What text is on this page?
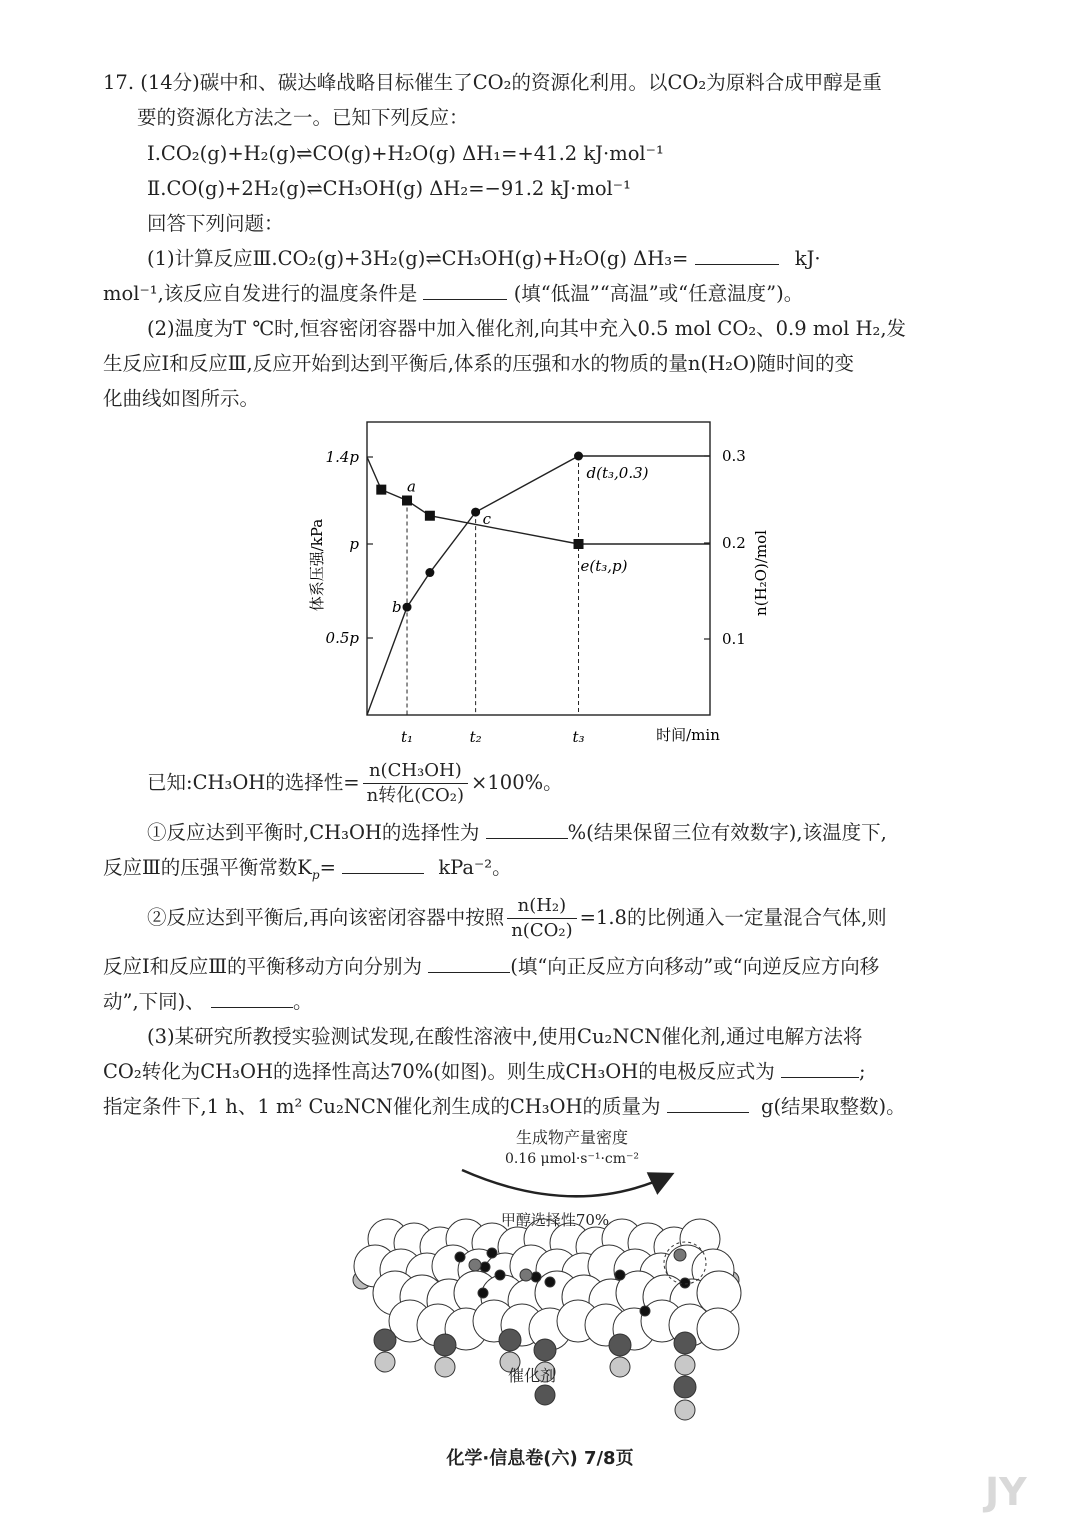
17. (14分)碳中和、碳达峰战略目标催生了CO₂的资源化利用。以CO₂为原料合成甲醇是重
要的资源化方法之一。已知下列反应：
Ⅰ.CO₂(g)+H₂(g)⇌CO(g)+H₂O(g) ΔH₁=+41.2 kJ·mol⁻¹
Ⅱ.CO(g)+2H₂(g)⇌CH₃OH(g) ΔH₂=−91.2 kJ·mol⁻¹
回答下列问题：
(1)计算反应Ⅲ.CO₂(g)+3H₂(g)⇌CH₃OH(g)+H₂O(g) ΔH₃=	kJ·
mol⁻¹,该反应自发进行的温度条件是	(填“低温”“高温”或“任意温度”)。
(2)温度为T ℃时,恒容密闭容器中加入催化剂,向其中充入0.5 mol CO₂、0.9 mol H₂,发
生反应Ⅰ和反应Ⅲ,反应开始到达到平衡后,体系的压强和水的物质的量n(H₂O)随时间的变
化曲线如图所示。
1.4p
p
0.5p
0.3
0.2
0.1
体系压强/kPa	n(H₂O)/mol
时间/min
t₁	t₂	t₃
a
b
c
d(t₃,0.3)
e(t₃,p)
已知:CH₃OH的选择性= $\frac{\text{n(CH₃OH)}}{\text{n转化(CO₂)}} \times 100\%$。
①反应达到平衡时,CH₃OH的选择性为	%(结果保留三位有效数字),该温度下,
反应Ⅲ的压强平衡常数$K_p=$	kPa⁻²。
②反应达到平衡后,再向该密闭容器中按照 $\frac{\text{n(H₂)}}{\text{n(CO₂)}} =1.8$的比例通入一定量混合气体,则
反应Ⅰ和反应Ⅲ的平衡移动方向分别为	(填“向正反应方向移动”或“向逆反应方向移
动”,下同)、	。
(3)某研究所教授实验测试发现,在酸性溶液中,使用Cu₂NCN催化剂,通过电解方法将
CO₂转化为CH₃OH的选择性高达70%(如图)。则生成CH₃OH的电极反应式为	;
指定条件下,1 h、1 m² Cu₂NCN催化剂生成的CH₃OH的质量为	g(结果取整数)。
生成物产量密度
0.16 μmol·s⁻¹·cm⁻²
甲醇选择性70%
催化剂
化学·信息卷(六) 7/8页
JY
